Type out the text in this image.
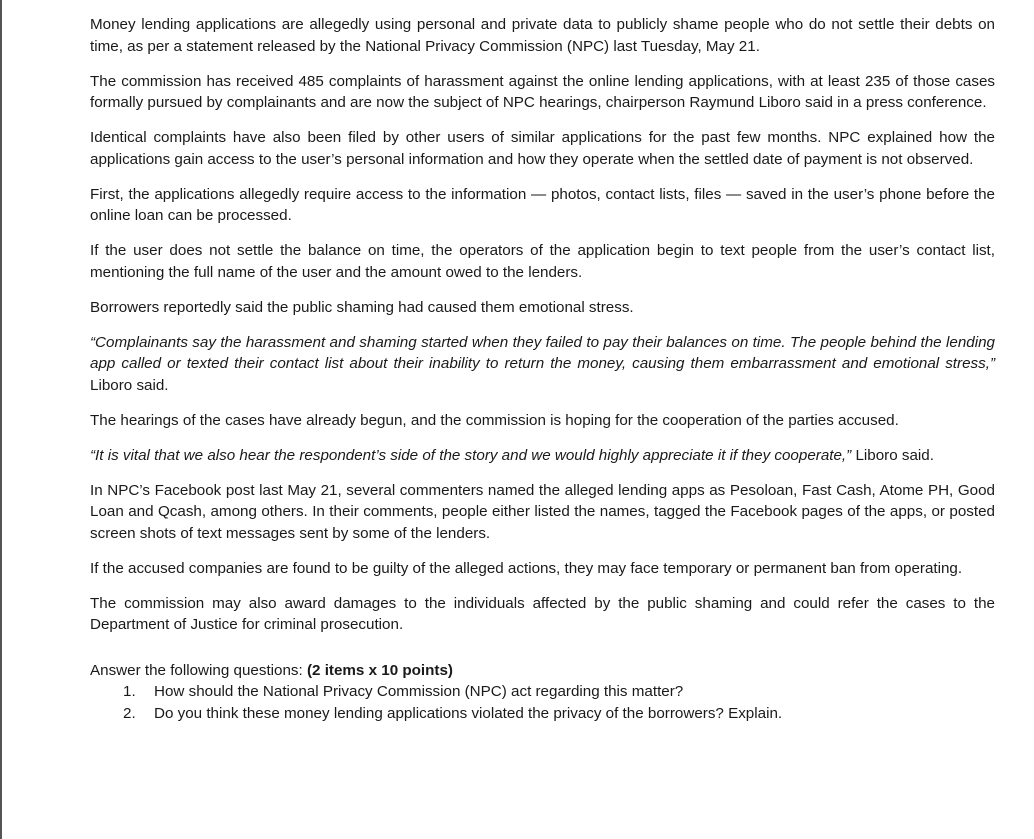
Money lending applications are allegedly using personal and private data to publicly shame people who do not settle their debts on time, as per a statement released by the National Privacy Commission (NPC) last Tuesday, May 21.

The commission has received 485 complaints of harassment against the online lending applications, with at least 235 of those cases formally pursued by complainants and are now the subject of NPC hearings, chairperson Raymund Liboro said in a press conference.

Identical complaints have also been filed by other users of similar applications for the past few months. NPC explained how the applications gain access to the user’s personal information and how they operate when the settled date of payment is not observed.

First, the applications allegedly require access to the information — photos, contact lists, files — saved in the user’s phone before the online loan can be processed.

If the user does not settle the balance on time, the operators of the application begin to text people from the user’s contact list, mentioning the full name of the user and the amount owed to the lenders.

Borrowers reportedly said the public shaming had caused them emotional stress.

“Complainants say the harassment and shaming started when they failed to pay their balances on time. The people behind the lending app called or texted their contact list about their inability to return the money, causing them embarrassment and emotional stress,” Liboro said.

The hearings of the cases have already begun, and the commission is hoping for the cooperation of the parties accused.

“It is vital that we also hear the respondent’s side of the story and we would highly appreciate it if they cooperate,” Liboro said.

In NPC’s Facebook post last May 21, several commenters named the alleged lending apps as Pesoloan, Fast Cash, Atome PH, Good Loan and Qcash, among others. In their comments, people either listed the names, tagged the Facebook pages of the apps, or posted screen shots of text messages sent by some of the lenders.

If the accused companies are found to be guilty of the alleged actions, they may face temporary or permanent ban from operating.

The commission may also award damages to the individuals affected by the public shaming and could refer the cases to the Department of Justice for criminal prosecution.

Answer the following questions: (2 items x 10 points)

1.	How should the National Privacy Commission (NPC) act regarding this matter?
2.	Do you think these money lending applications violated the privacy of the borrowers? Explain.
